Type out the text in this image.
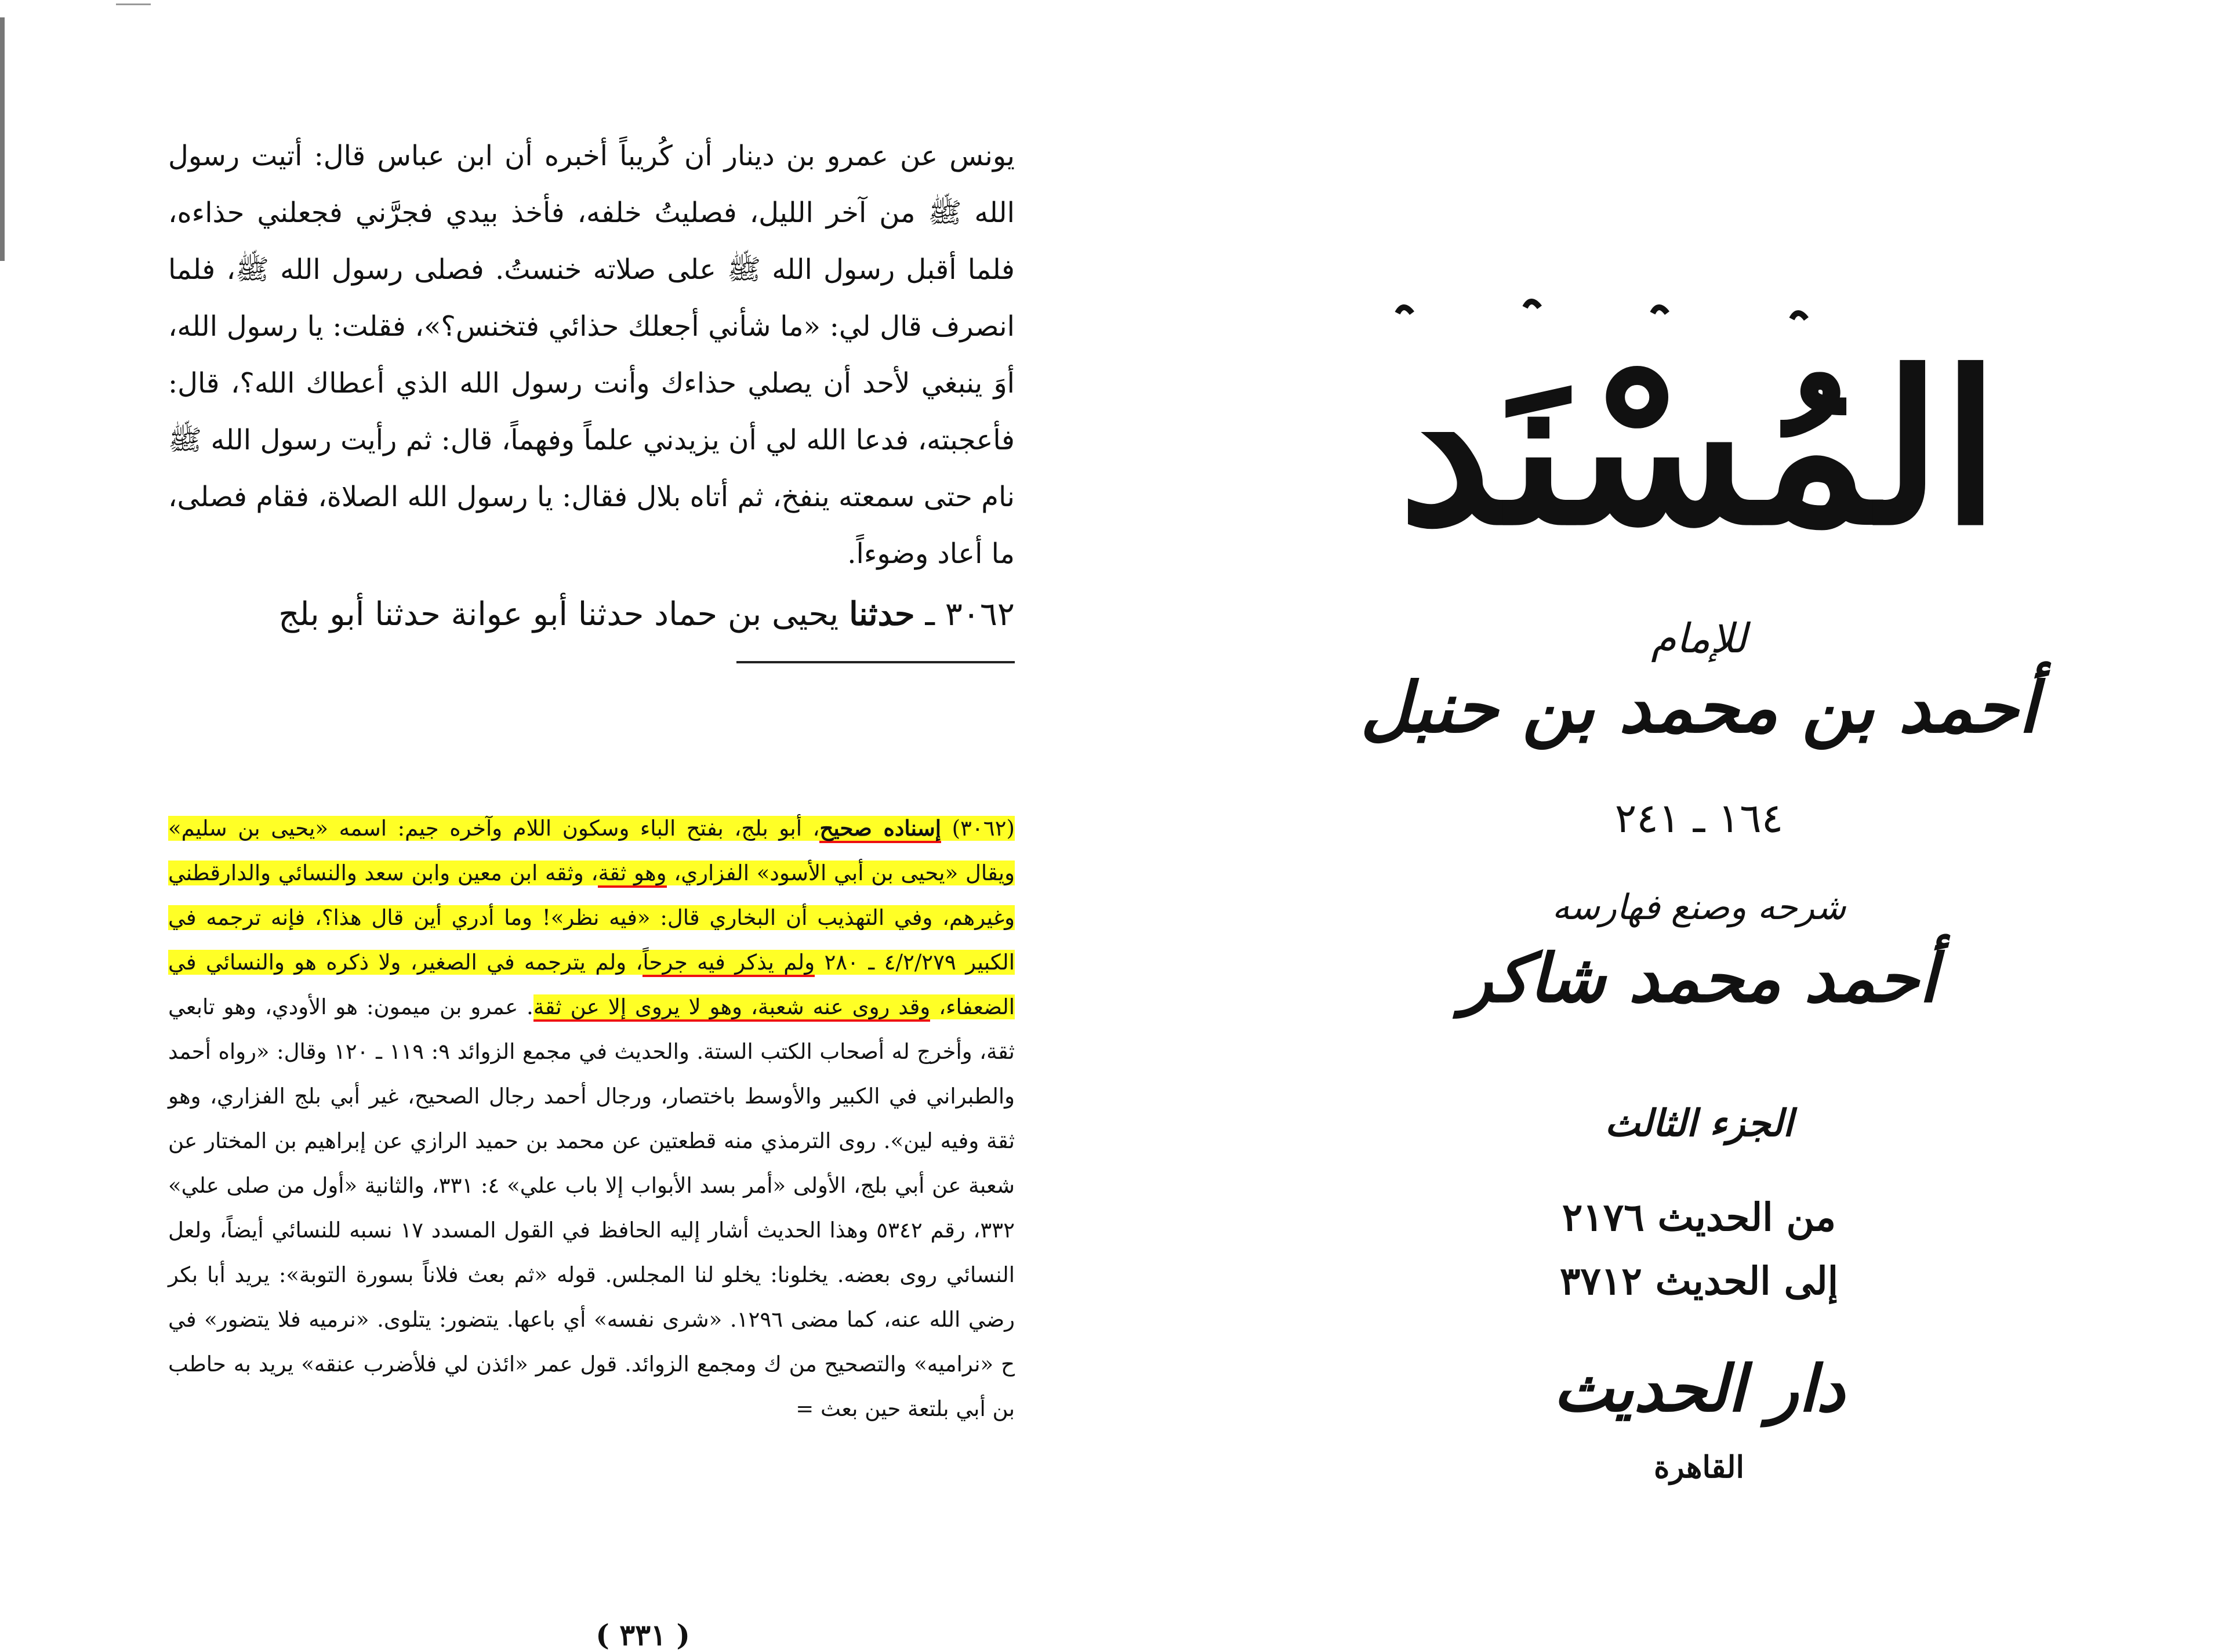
يونس عن عمرو بن دينار أن كُريباً أخبره أن ابن عباس قال: أتيت رسول الله ﷺ من آخر الليل، فصليتُ خلفه، فأخذ بيدي فجرَّني فجعلني حذاءه، فلما أقبل رسول الله ﷺ على صلاته خنستُ. فصلى رسول الله ﷺ، فلما انصرف قال لي: «ما شأني أجعلك حذائي فتخنس؟»، فقلت: يا رسول الله، أوَ ينبغي لأحد أن يصلي حذاءك وأنت رسول الله الذي أعطاك الله؟، قال: فأعجبته، فدعا الله لي أن يزيدني علماً وفهماً، قال: ثم رأيت رسول الله ﷺ نام حتى سمعته ينفخ، ثم أتاه بلال فقال: يا رسول الله الصلاة، فقام فصلى، ما أعاد وضوءاً.

٣٠٦٢ ـ حدثنا يحيى بن حماد حدثنا أبو عوانة حدثنا أبو بلج

(٣٠٦٢) إسناده صحيح، أبو بلج، بفتح الباء وسكون اللام وآخره جيم: اسمه «يحيى بن سليم» ويقال «يحيى بن أبي الأسود» الفزاري، وهو ثقة، وثقه ابن معين وابن سعد والنسائي والدارقطني وغيرهم، وفي التهذيب أن البخاري قال: «فيه نظر»! وما أدري أين قال هذا؟، فإنه ترجمه في الكبير ٤/٢/٢٧٩ ـ ٢٨٠ ولم يذكر فيه جرحاً، ولم يترجمه في الصغير، ولا ذكره هو والنسائي في الضعفاء، وقد روى عنه شعبة، وهو لا يروى إلا عن ثقة. عمرو بن ميمون: هو الأودي، وهو تابعي ثقة، وأخرج له أصحاب الكتب الستة. والحديث في مجمع الزوائد ٩: ١١٩ ـ ١٢٠ وقال: «رواه أحمد والطبراني في الكبير والأوسط باختصار، ورجال أحمد رجال الصحيح، غير أبي بلج الفزاري، وهو ثقة وفيه لين». روى الترمذي منه قطعتين عن محمد بن حميد الرازي عن إبراهيم بن المختار عن شعبة عن أبي بلج، الأولى «أمر بسد الأبواب إلا باب علي» ٤: ٣٣١، والثانية «أول من صلى علي» ٣٣٢، رقم ٥٣٤٢ وهذا الحديث أشار إليه الحافظ في القول المسدد ١٧ نسبه للنسائي أيضاً، ولعل النسائي روى بعضه. يخلونا: يخلو لنا المجلس. قوله «ثم بعث فلاناً بسورة التوبة»: يريد أبا بكر رضي الله عنه، كما مضى ١٢٩٦. «شرى نفسه» أي باعها. يتضور: يتلوى. «نرميه فلا يتضور» في ح «نراميه» والتصحيح من ك ومجمع الزوائد. قول عمر «ائذن لي فلأضرب عنقه» يريد به حاطب بن أبي بلتعة حين بعث =
( ٣٣١ )
المُسْنَد
للإمام
أحمد بن محمد بن حنبل
١٦٤ ـ ٢٤١
شرحه وصنع فهارسه
أحمد محمد شاكر
الجزء الثالث
من الحديث ٢١٧٦
إلى الحديث ٣٧١٢
دار الحديث
القاهرة
